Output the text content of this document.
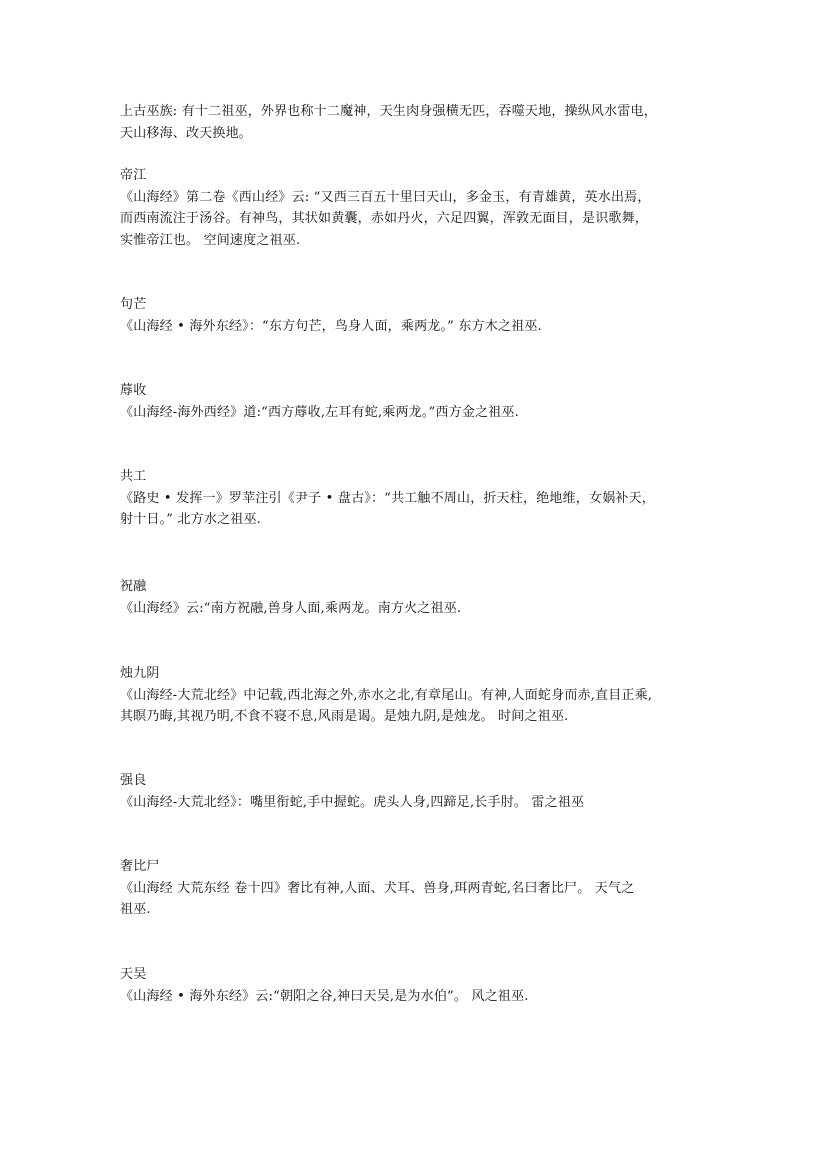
上古巫族: 有十二祖巫，外界也称十二魔神，天生肉身强横无匹，吞噬天地，操纵风水雷电，
天山移海、改天换地。
帝江
《山海经》第二卷《西山经》云: “又西三百五十里曰天山，多金玉，有青雄黄，英水出焉，
而西南流注于汤谷。有神鸟，其状如黄囊，赤如丹火，六足四翼，浑敦无面目，是识歌舞，
实惟帝江也。 空间速度之祖巫.
句芒
《山海经 • 海外东经》：“东方句芒，鸟身人面，乘两龙。” 东方木之祖巫.
蓐收
《山海经-海外西经》道:“西方蓐收,左耳有蛇,乘两龙。”西方金之祖巫.
共工
《路史 • 发挥一》罗苹注引《尹子 • 盘古》：“共工触不周山，折天柱，绝地维，女娲补天，
射十日。” 北方水之祖巫.
祝融
《山海经》云:“南方祝融,兽身人面,乘两龙。南方火之祖巫.
烛九阴
《山海经-大荒北经》中记载,西北海之外,赤水之北,有章尾山。有神,人面蛇身而赤,直目正乘,
其瞑乃晦,其视乃明,不食不寝不息,风雨是谒。是烛九阴,是烛龙。 时间之祖巫.
强良
《山海经-大荒北经》：嘴里衔蛇,手中握蛇。虎头人身,四蹄足,长手肘。 雷之祖巫
奢比尸
《山海经 大荒东经 卷十四》奢比有神,人面、犬耳、兽身,珥两青蛇,名曰奢比尸。 天气之
祖巫.
天吴
《山海经 • 海外东经》云:“朝阳之谷,神曰天吴,是为水伯”。 风之祖巫.
